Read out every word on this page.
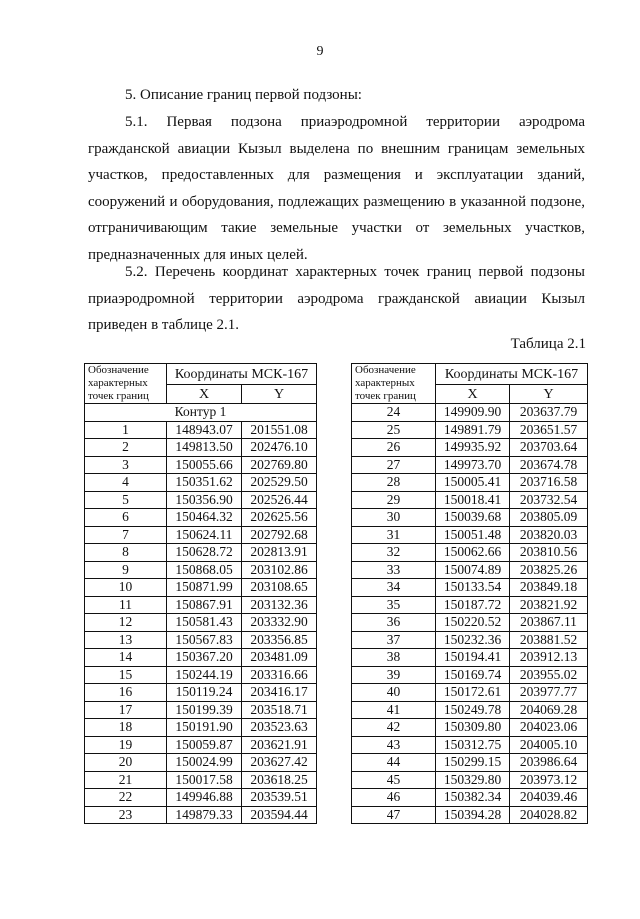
9
5. Описание границ первой подзоны:
5.1. Первая подзона приаэродромной территории аэродрома гражданской авиации Кызыл выделена по внешним границам земельных участков, предоставленных для размещения и эксплуатации зданий, сооружений и оборудования, подлежащих размещению в указанной подзоне, отграничивающим такие земельные участки от земельных участков, предназначенных для иных целей.
5.2. Перечень координат характерных точек границ первой подзоны приаэродромной территории аэродрома гражданской авиации Кызыл приведен в таблице 2.1.
Таблица 2.1
Обозначение характерных точек границ	Координаты МСК-167	
	X	Y
Контур 1		
1	148943.07	201551.08
2	149813.50	202476.10
3	150055.66	202769.80
4	150351.62	202529.50
5	150356.90	202526.44
6	150464.32	202625.56
7	150624.11	202792.68
8	150628.72	202813.91
9	150868.05	203102.86
10	150871.99	203108.65
11	150867.91	203132.36
12	150581.43	203332.90
13	150567.83	203356.85
14	150367.20	203481.09
15	150244.19	203316.66
16	150119.24	203416.17
17	150199.39	203518.71
18	150191.90	203523.63
19	150059.87	203621.91
20	150024.99	203627.42
21	150017.58	203618.25
22	149946.88	203539.51
23	149879.33	203594.44
Обозначение характерных точек границ	Координаты МСК-167	
	X	Y
24	149909.90	203637.79
25	149891.79	203651.57
26	149935.92	203703.64
27	149973.70	203674.78
28	150005.41	203716.58
29	150018.41	203732.54
30	150039.68	203805.09
31	150051.48	203820.03
32	150062.66	203810.56
33	150074.89	203825.26
34	150133.54	203849.18
35	150187.72	203821.92
36	150220.52	203867.11
37	150232.36	203881.52
38	150194.41	203912.13
39	150169.74	203955.02
40	150172.61	203977.77
41	150249.78	204069.28
42	150309.80	204023.06
43	150312.75	204005.10
44	150299.15	203986.64
45	150329.80	203973.12
46	150382.34	204039.46
47	150394.28	204028.82
